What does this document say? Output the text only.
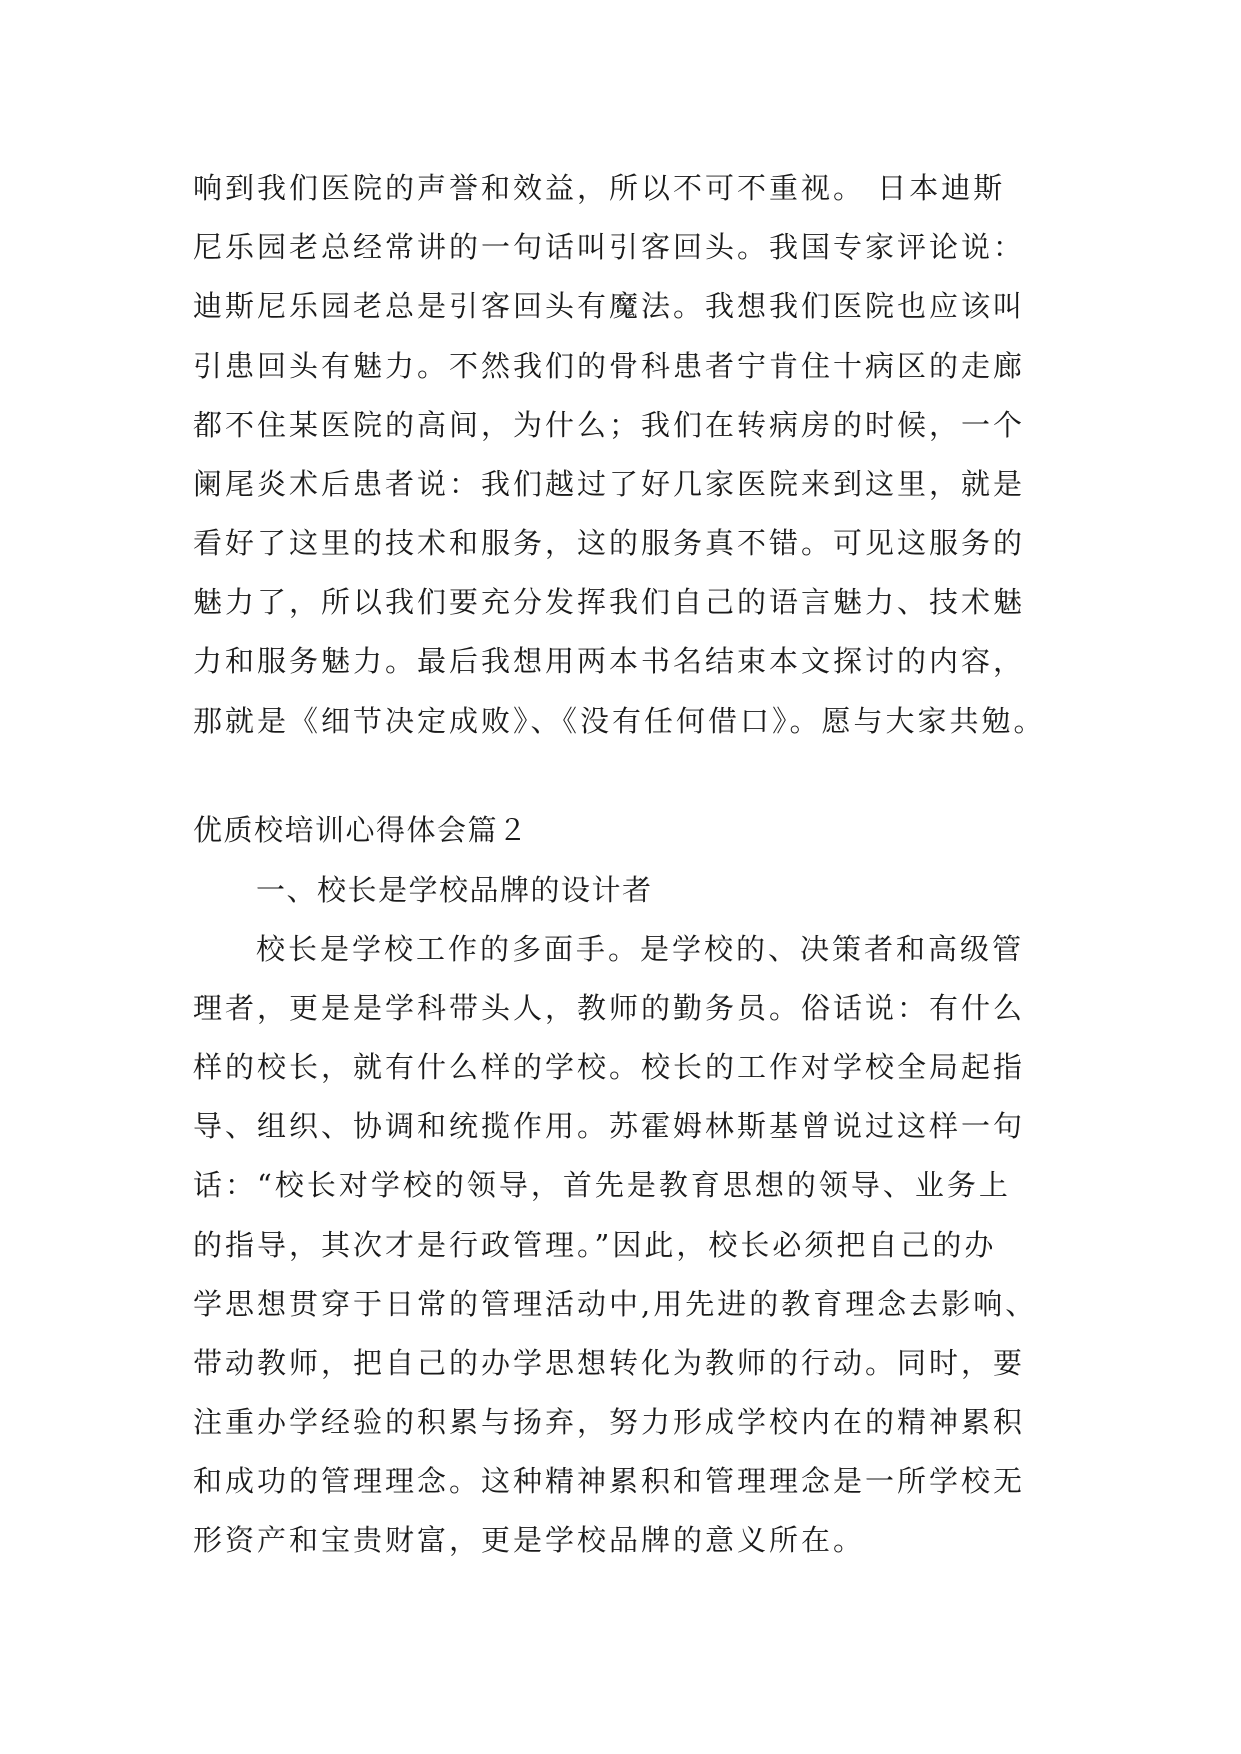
响到我们医院的声誉和效益，所以不可不重视。 日本迪斯
尼乐园老总经常讲的一句话叫引客回头。我国专家评论说：
迪斯尼乐园老总是引客回头有魔法。我想我们医院也应该叫
引患回头有魅力。不然我们的骨科患者宁肯住十病区的走廊
都不住某医院的高间，为什么；我们在转病房的时候，一个
阑尾炎术后患者说：我们越过了好几家医院来到这里，就是
看好了这里的技术和服务，这的服务真不错。可见这服务的
魅力了，所以我们要充分发挥我们自己的语言魅力、技术魅
力和服务魅力。最后我想用两本书名结束本文探讨的内容，
那就是《细节决定成败》、《没有任何借口》。愿与大家共勉。
优质校培训心得体会篇２
一、校长是学校品牌的设计者
校长是学校工作的多面手。是学校的、决策者和高级管
理者，更是是学科带头人，教师的勤务员。俗话说：有什么
样的校长，就有什么样的学校。校长的工作对学校全局起指
导、组织、协调和统揽作用。苏霍姆林斯基曾说过这样一句
话：“校长对学校的领导，首先是教育思想的领导、业务上
的指导，其次才是行政管理。”因此，校长必须把自己的办
学思想贯穿于日常的管理活动中,用先进的教育理念去影响、
带动教师，把自己的办学思想转化为教师的行动。同时，要
注重办学经验的积累与扬弃，努力形成学校内在的精神累积
和成功的管理理念。这种精神累积和管理理念是一所学校无
形资产和宝贵财富，更是学校品牌的意义所在。
